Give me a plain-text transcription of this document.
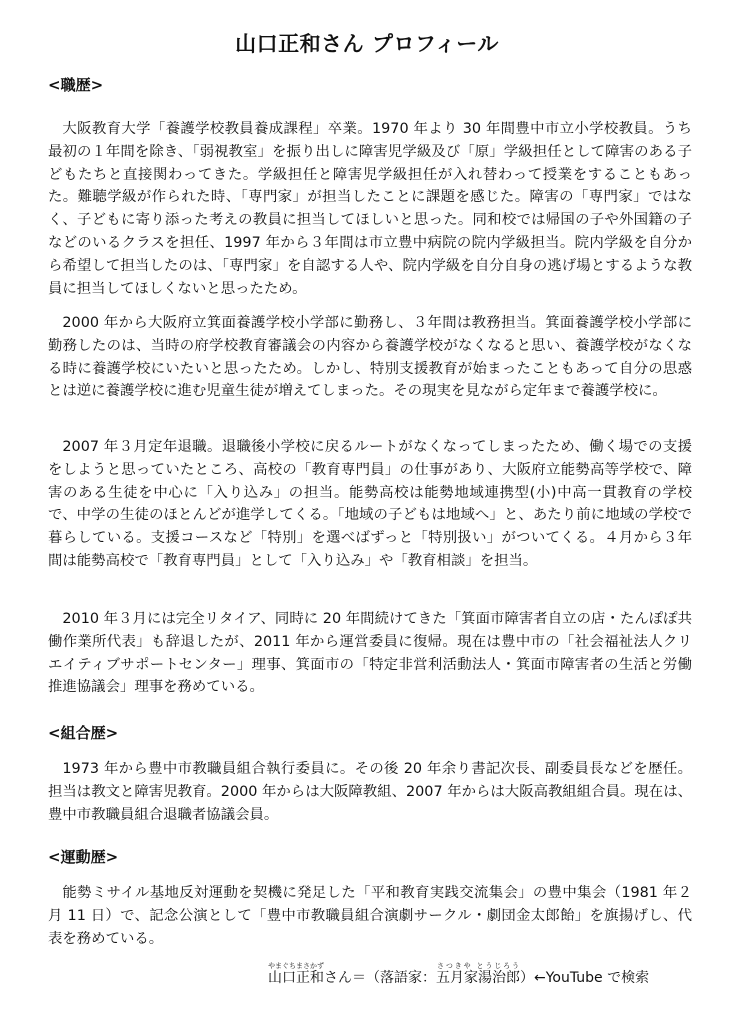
山口正和さん プロフィール
<職歴>

大阪教育大学「養護学校教員養成課程」卒業。1970 年より 30 年間豊中市立小学校教員。うち最初の１年間を除き、「弱視教室」を振り出しに障害児学級及び「原」学級担任として障害のある子どもたちと直接関わってきた。学級担任と障害児学級担任が入れ替わって授業をすることもあった。難聴学級が作られた時、「専門家」が担当したことに課題を感じた。障害の「専門家」ではなく、子どもに寄り添った考えの教員に担当してほしいと思った。同和校では帰国の子や外国籍の子などのいるクラスを担任、1997 年から３年間は市立豊中病院の院内学級担当。院内学級を自分から希望して担当したのは、「専門家」を自認する人や、院内学級を自分自身の逃げ場とするような教員に担当してほしくないと思ったため。

2000 年から大阪府立箕面養護学校小学部に勤務し、３年間は教務担当。箕面養護学校小学部に勤務したのは、当時の府学校教育審議会の内容から養護学校がなくなると思い、養護学校がなくなる時に養護学校にいたいと思ったため。しかし、特別支援教育が始まったこともあって自分の思惑とは逆に養護学校に進む児童生徒が増えてしまった。その現実を見ながら定年まで養護学校に。

2007 年３月定年退職。退職後小学校に戻るルートがなくなってしまったため、働く場での支援をしようと思っていたところ、高校の「教育専門員」の仕事があり、大阪府立能勢高等学校で、障害のある生徒を中心に「入り込み」の担当。能勢高校は能勢地域連携型(小)中高一貫教育の学校で、中学の生徒のほとんどが進学してくる。「地域の子どもは地域へ」と、あたり前に地域の学校で暮らしている。支援コースなど「特別」を選べばずっと「特別扱い」がついてくる。４月から３年間は能勢高校で「教育専門員」として「入り込み」や「教育相談」を担当。

2010 年３月には完全リタイア、同時に 20 年間続けてきた「箕面市障害者自立の店・たんぽぽ共働作業所代表」も辞退したが、2011 年から運営委員に復帰。現在は豊中市の「社会福祉法人クリエイティブサポートセンター」理事、箕面市の「特定非営利活動法人・箕面市障害者の生活と労働推進協議会」理事を務めている。

<組合歴>

1973 年から豊中市教職員組合執行委員に。その後 20 年余り書記次長、副委員長などを歴任。担当は教文と障害児教育。2000 年からは大阪障教組、2007 年からは大阪高教組組合員。現在は、豊中市教職員組合退職者協議会員。

<運動歴>

能勢ミサイル基地反対運動を契機に発足した「平和教育実践交流集会」の豊中集会（1981 年２月 11 日）で、記念公演として「豊中市教職員組合演劇サークル・劇団金太郎飴」を旗揚げし、代表を務めている。

山口正和やまぐちまさかずさん＝（落語家：五月家湯治郎さつきや とうじろう）←YouTube で検索
